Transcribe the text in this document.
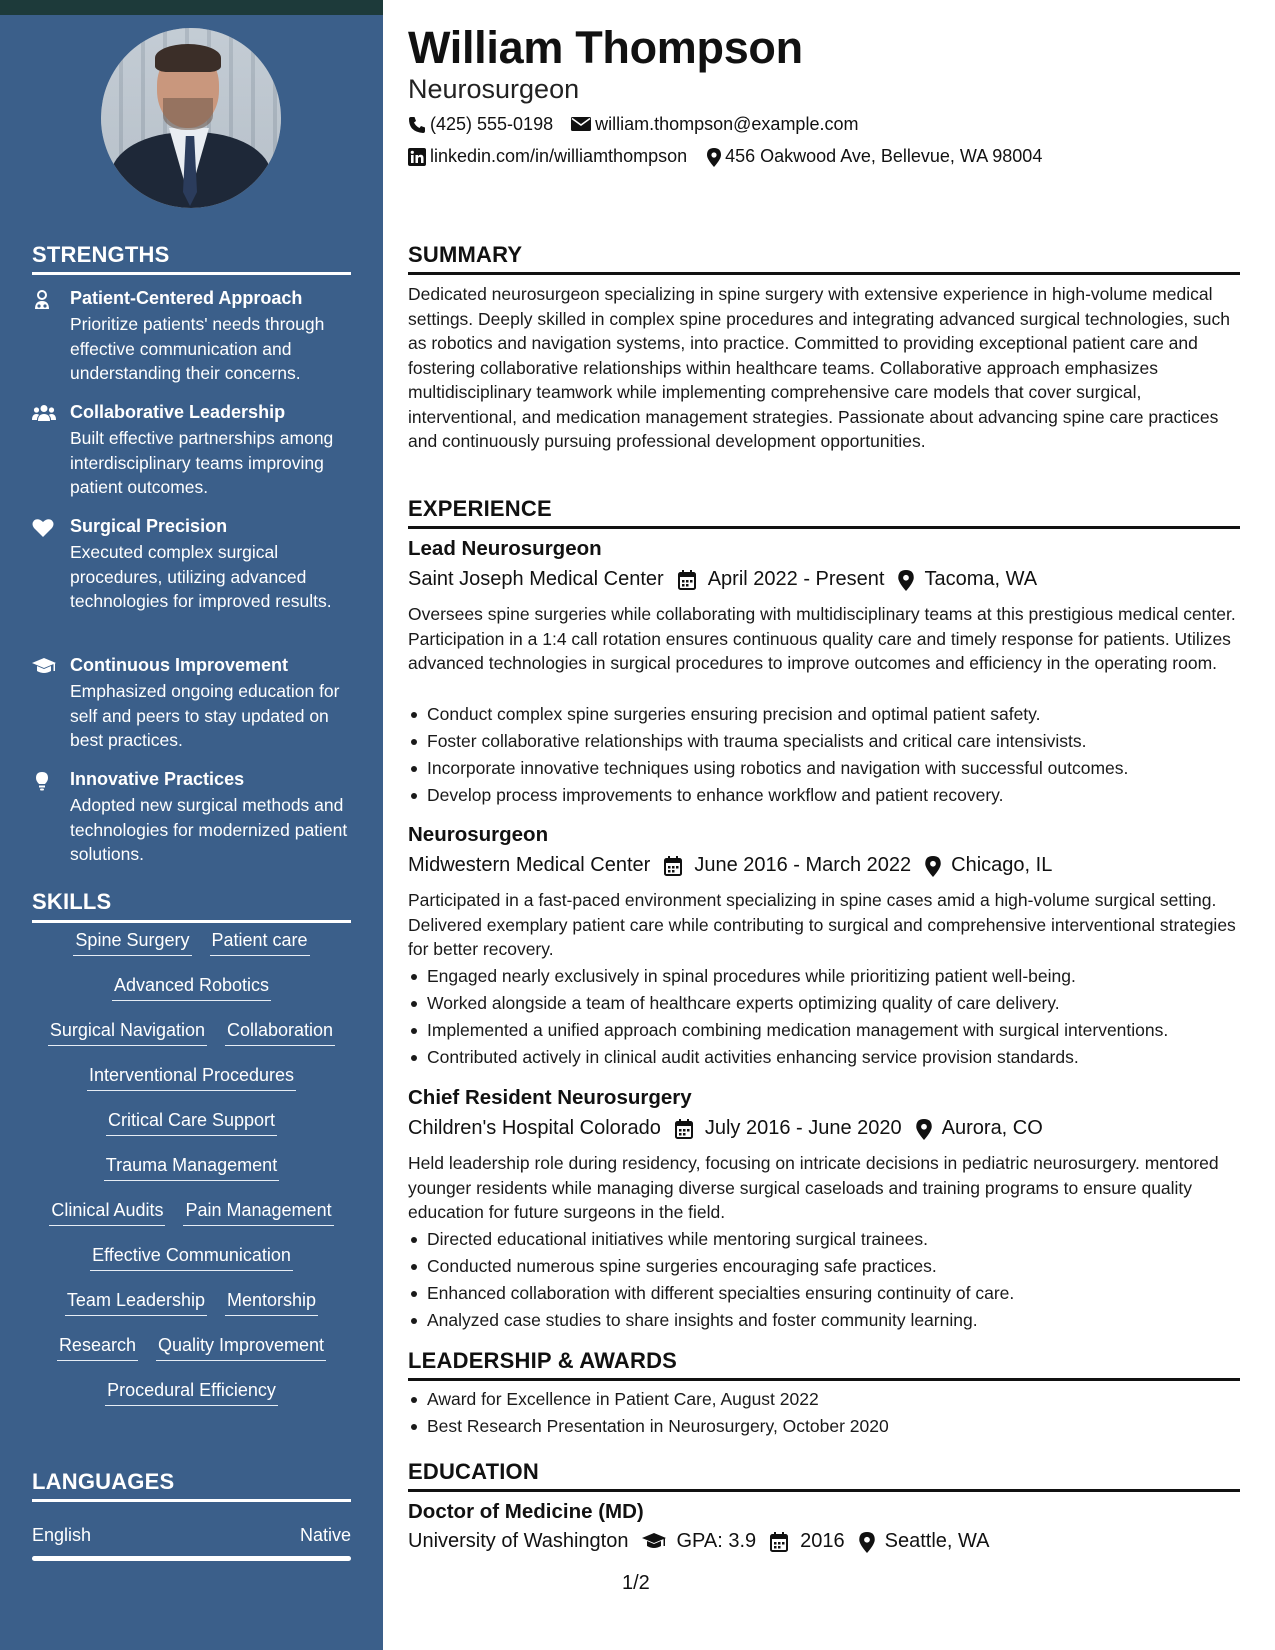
STRENGTHS
Patient-Centered Approach
Prioritize patients' needs through effective communication and understanding their concerns.
Collaborative Leadership
Built effective partnerships among interdisciplinary teams improving patient outcomes.
Surgical Precision
Executed complex surgical procedures, utilizing advanced technologies for improved results.
Continuous Improvement
Emphasized ongoing education for self and peers to stay updated on best practices.
Innovative Practices
Adopted new surgical methods and technologies for modernized patient solutions.
SKILLS
Spine Surgery Patient care
Advanced Robotics
Surgical Navigation Collaboration
Interventional Procedures
Critical Care Support
Trauma Management
Clinical Audits Pain Management
Effective Communication
Team Leadership Mentorship
Research Quality Improvement
Procedural Efficiency
LANGUAGES
English	Native
William Thompson
Neurosurgeon
(425) 555-0198 william.thompson@example.com
linkedin.com/in/williamthompson 456 Oakwood Ave, Bellevue, WA 98004
SUMMARY

Dedicated neurosurgeon specializing in spine surgery with extensive experience in high-volume medical settings. Deeply skilled in complex spine procedures and integrating advanced surgical technologies, such as robotics and navigation systems, into practice. Committed to providing exceptional patient care and fostering collaborative relationships within healthcare teams. Collaborative approach emphasizes multidisciplinary teamwork while implementing comprehensive care models that cover surgical, interventional, and medication management strategies. Passionate about advancing spine care practices and continuously pursuing professional development opportunities.

EXPERIENCE
Lead Neurosurgeon
Saint Joseph Medical Center April 2022 - Present Tacoma, WA

Oversees spine surgeries while collaborating with multidisciplinary teams at this prestigious medical center. Participation in a 1:4 call rotation ensures continuous quality care and timely response for patients. Utilizes advanced technologies in surgical procedures to improve outcomes and efficiency in the operating room.

Conduct complex spine surgeries ensuring precision and optimal patient safety.
Foster collaborative relationships with trauma specialists and critical care intensivists.
Incorporate innovative techniques using robotics and navigation with successful outcomes.
Develop process improvements to enhance workflow and patient recovery.
Neurosurgeon
Midwestern Medical Center June 2016 - March 2022 Chicago, IL

Participated in a fast-paced environment specializing in spine cases amid a high-volume surgical setting. Delivered exemplary patient care while contributing to surgical and comprehensive interventional strategies for better recovery.

Engaged nearly exclusively in spinal procedures while prioritizing patient well-being.
Worked alongside a team of healthcare experts optimizing quality of care delivery.
Implemented a unified approach combining medication management with surgical interventions.
Contributed actively in clinical audit activities enhancing service provision standards.
Chief Resident Neurosurgery
Children's Hospital Colorado July 2016 - June 2020 Aurora, CO

Held leadership role during residency, focusing on intricate decisions in pediatric neurosurgery. mentored younger residents while managing diverse surgical caseloads and training programs to ensure quality education for future surgeons in the field.

Directed educational initiatives while mentoring surgical trainees.
Conducted numerous spine surgeries encouraging safe practices.
Enhanced collaboration with different specialties ensuring continuity of care.
Analyzed case studies to share insights and foster community learning.
LEADERSHIP & AWARDS
Award for Excellence in Patient Care, August 2022
Best Research Presentation in Neurosurgery, October 2020
EDUCATION
Doctor of Medicine (MD)
University of Washington GPA: 3.9 2016 Seattle, WA
1/2
